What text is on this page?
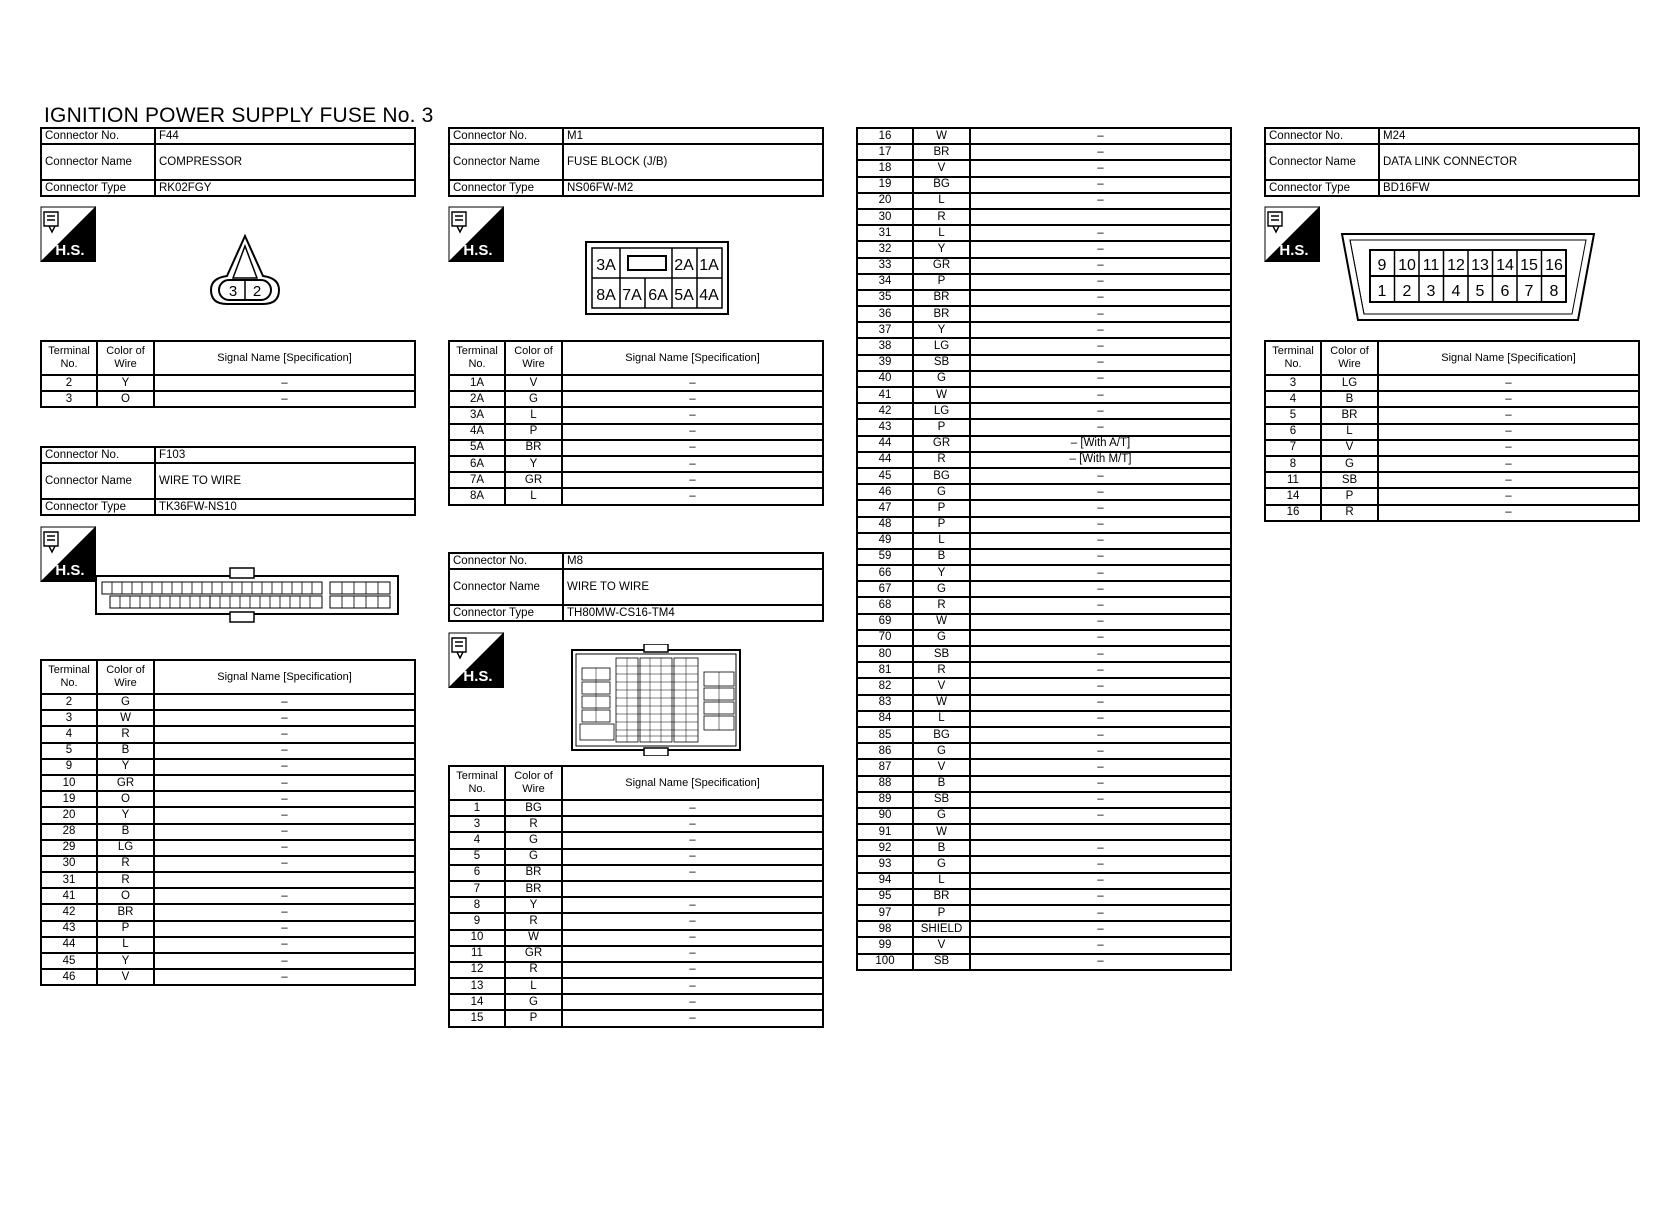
IGNITION POWER SUPPLY FUSE No. 3
Connector No.	F44
Connector Name	COMPRESSOR
Connector Type	RK02FGY
Connector No.	F103
Connector Name	WIRE TO WIRE
Connector Type	TK36FW-NS10
Connector No.	M1
Connector Name	FUSE BLOCK (J/B)
Connector Type	NS06FW-M2
Connector No.	M8
Connector Name	WIRE TO WIRE
Connector Type	TH80MW-CS16-TM4
Connector No.	M24
Connector Name	DATA LINK CONNECTOR
Connector Type	BD16FW
H.S.
H.S.
H.S.
H.S.
H.S.
3 2
3A	2A 1A
8A 7A 6A 5A 4A
9 10 11 12 13 14 15 16
1 2 3 4 5 6 7 8
Terminal No.	Color of Wire	Signal Name [Specification]
2	Y	–
3	O	–
Terminal No.	Color of Wire	Signal Name [Specification]
2	G	–
3	W	–
4	R	–
5	B	–
9	Y	–
10	GR	–
19	O	–
20	Y	–
28	B	–
29	LG	–
30	R	–
31	R	
41	O	–
42	BR	–
43	P	–
44	L	–
45	Y	–
46	V	–
Terminal No.	Color of Wire	Signal Name [Specification]
1A	V	–
2A	G	–
3A	L	–
4A	P	–
5A	BR	–
6A	Y	–
7A	GR	–
8A	L	–
Terminal No.	Color of Wire	Signal Name [Specification]
1	BG	–
3	R	–
4	G	–
5	G	–
6	BR	–
7	BR	
8	Y	–
9	R	–
10	W	–
11	GR	–
12	R	–
13	L	–
14	G	–
15	P	–
16	W	–
17	BR	–
18	V	–
19	BG	–
20	L	–
30	R	
31	L	–
32	Y	–
33	GR	–
34	P	–
35	BR	–
36	BR	–
37	Y	–
38	LG	–
39	SB	–
40	G	–
41	W	–
42	LG	–
43	P	–
44	GR	– [With A/T]
44	R	– [With M/T]
45	BG	–
46	G	–
47	P	–
48	P	–
49	L	–
59	B	–
66	Y	–
67	G	–
68	R	–
69	W	–
70	G	–
80	SB	–
81	R	–
82	V	–
83	W	–
84	L	–
85	BG	–
86	G	–
87	V	–
88	B	–
89	SB	–
90	G	–
91	W	
92	B	–
93	G	–
94	L	–
95	BR	–
97	P	–
98	SHIELD	–
99	V	–
100	SB	–
Terminal No.	Color of Wire	Signal Name [Specification]
3	LG	–
4	B	–
5	BR	–
6	L	–
7	V	–
8	G	–
11	SB	–
14	P	–
16	R	–
